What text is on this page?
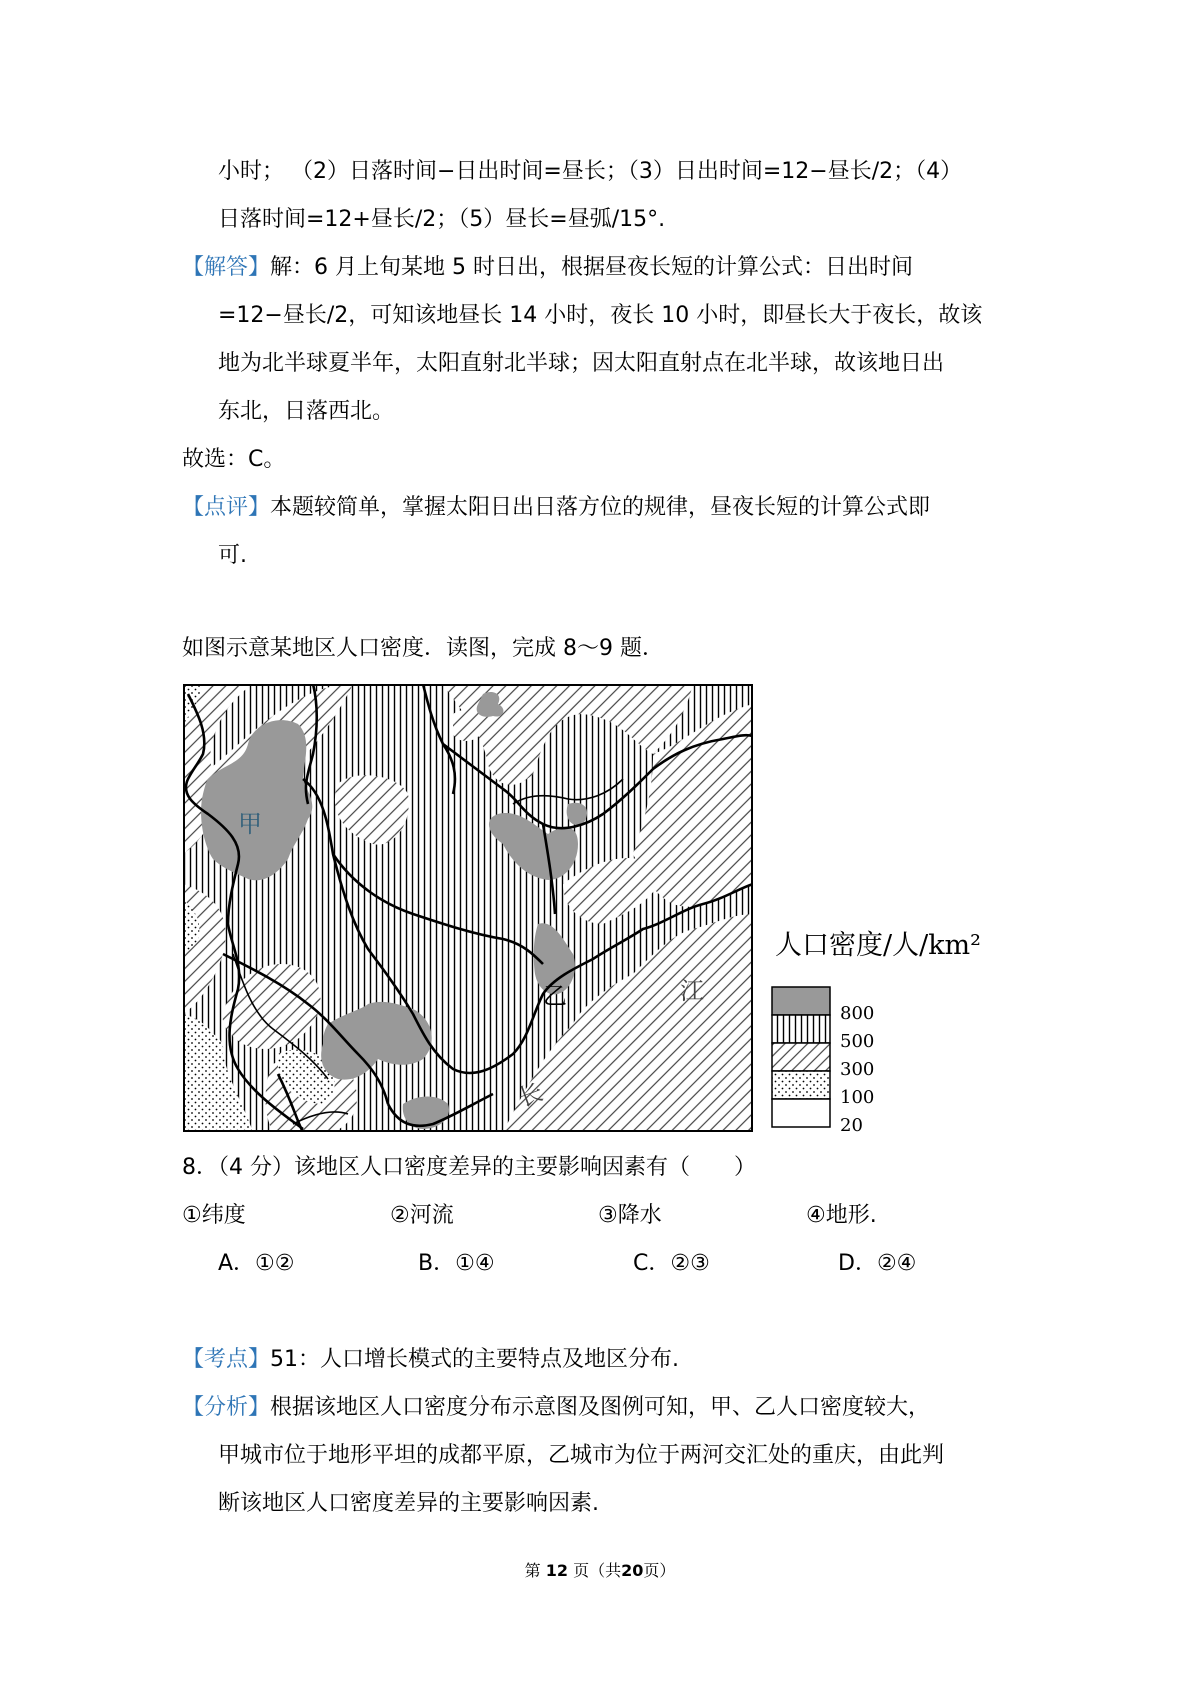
小时； （2）日落时间−日出时间=昼长；（3）日出时间=12−昼长/2；（4）
日落时间=12+昼长/2；（5）昼长=昼弧/15°.
【解答】解：6 月上旬某地 5 时日出，根据昼夜长短的计算公式：日出时间
=12−昼长/2，可知该地昼长 14 小时，夜长 10 小时，即昼长大于夜长，故该
地为北半球夏半年，太阳直射北半球；因太阳直射点在北半球，故该地日出
东北，日落西北。
故选：C。
【点评】本题较简单，掌握太阳日出日落方位的规律，昼夜长短的计算公式即
可.
如图示意某地区人口密度．读图，完成 8～9 题．
甲
乙	江
长
人口密度/人/km²
800
500
300
100
20
8．（4 分）该地区人口密度差异的主要影响因素有（　　）
①纬度	②河流	③降水	④地形.
A．①②	B．①④	C．②③	D．②④
【考点】51：人口增长模式的主要特点及地区分布.
【分析】根据该地区人口密度分布示意图及图例可知，甲、乙人口密度较大，
甲城市位于地形平坦的成都平原，乙城市为位于两河交汇处的重庆，由此判
断该地区人口密度差异的主要影响因素.
第 12 页（共20页）
